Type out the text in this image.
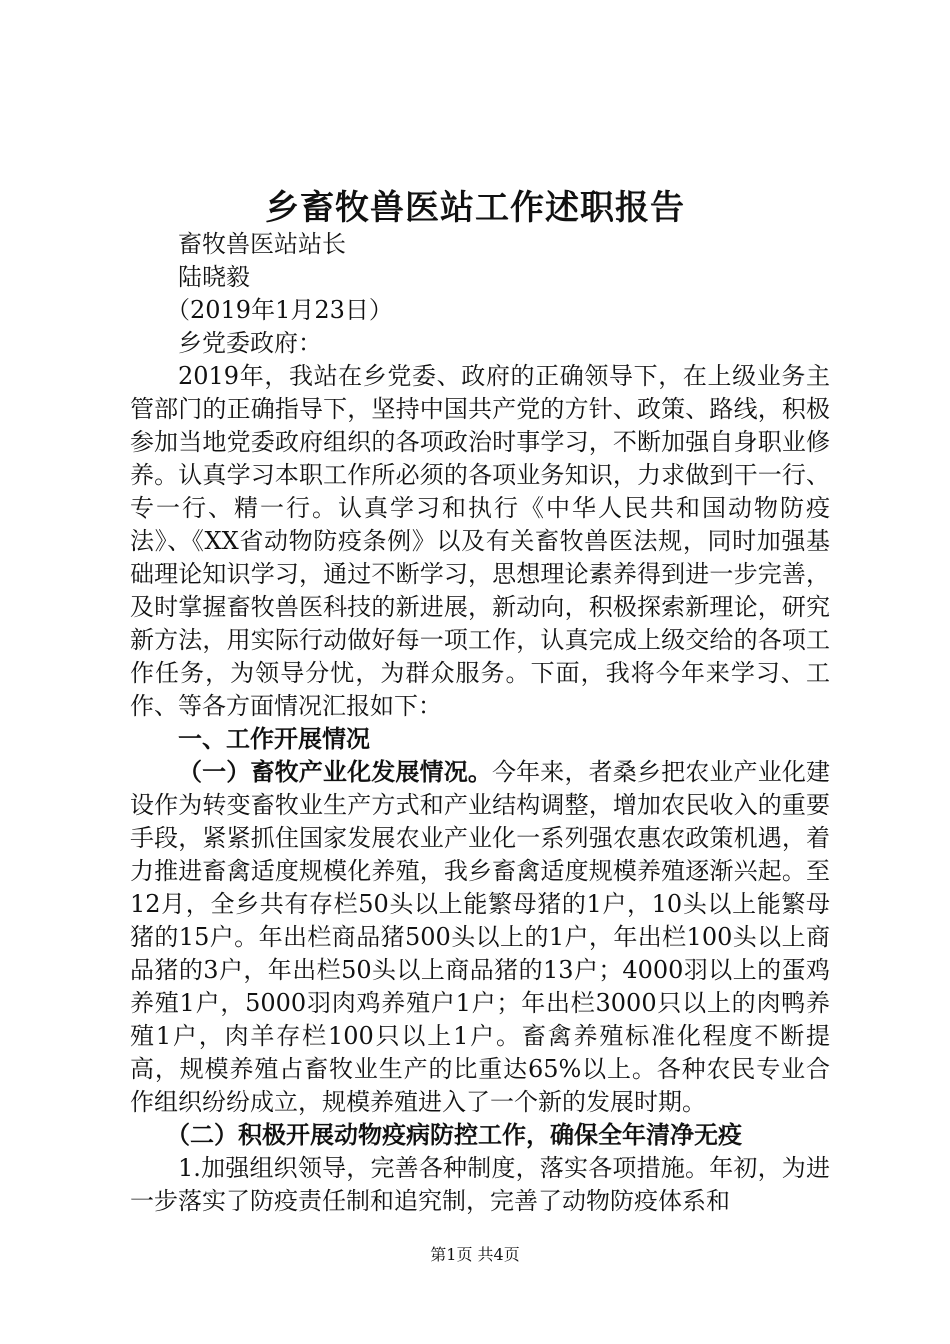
乡畜牧兽医站工作述职报告

畜牧兽医站站长

陆晓毅

（2019年1月23日）

乡党委政府：

2019年，我站在乡党委、政府的正确领导下，在上级业务主管部门的正确指导下，坚持中国共产党的方针、政策、路线，积极参加当地党委政府组织的各项政治时事学习，不断加强自身职业修养。认真学习本职工作所必须的各项业务知识，力求做到干一行、专一行、精一行。认真学习和执行《中华人民共和国动物防疫法》、《XX省动物防疫条例》以及有关畜牧兽医法规，同时加强基础理论知识学习，通过不断学习，思想理论素养得到进一步完善，及时掌握畜牧兽医科技的新进展，新动向，积极探索新理论，研究新方法，用实际行动做好每一项工作，认真完成上级交给的各项工作任务，为领导分忧，为群众服务。下面，我将今年来学习、工作、等各方面情况汇报如下：

一、工作开展情况

（一）畜牧产业化发展情况。今年来，者桑乡把农业产业化建设作为转变畜牧业生产方式和产业结构调整，增加农民收入的重要手段，紧紧抓住国家发展农业产业化一系列强农惠农政策机遇，着力推进畜禽适度规模化养殖，我乡畜禽适度规模养殖逐渐兴起。至12月，全乡共有存栏50头以上能繁母猪的1户，10头以上能繁母猪的15户。年出栏商品猪500头以上的1户，年出栏100头以上商品猪的3户，年出栏50头以上商品猪的13户；4000羽以上的蛋鸡养殖1户，5000羽肉鸡养殖户1户；年出栏3000只以上的肉鸭养殖1户，肉羊存栏100只以上1户。畜禽养殖标准化程度不断提高，规模养殖占畜牧业生产的比重达65%以上。各种农民专业合作组织纷纷成立，规模养殖进入了一个新的发展时期。

（二）积极开展动物疫病防控工作，确保全年清净无疫

1.加强组织领导，完善各种制度，落实各项措施。年初，为进一步落实了防疫责任制和追究制，完善了动物防疫体系和

第1页 共4页
